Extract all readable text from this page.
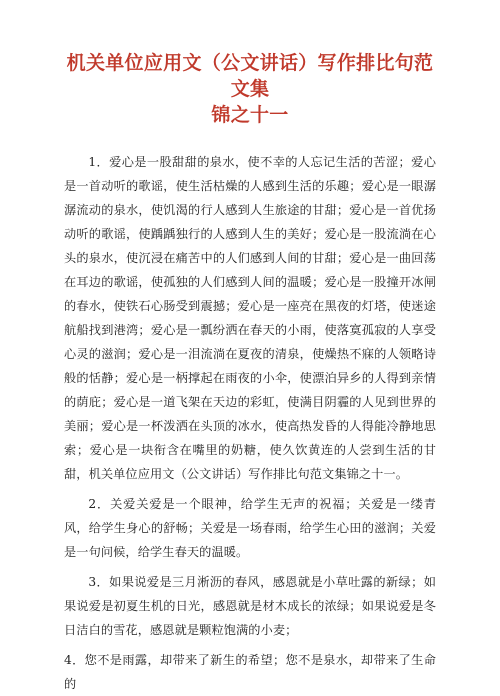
机关单位应用文（公文讲话）写作排比句范文集
锦之十一

1．爱心是一股甜甜的泉水，使不幸的人忘记生活的苦涩；爱心是一首动听的歌谣，使生活枯燥的人感到生活的乐趣；爱心是一眼潺潺流动的泉水，使饥渴的行人感到人生旅途的甘甜；爱心是一首优扬动听的歌谣，使踽踽独行的人感到人生的美好；爱心是一股流淌在心头的泉水，使沉浸在痛苦中的人们感到人间的甘甜；爱心是一曲回荡在耳边的歌谣，使孤独的人们感到人间的温暖；爱心是一股撞开冰闸的春水，使铁石心肠受到震撼；爱心是一座亮在黑夜的灯塔，使迷途航船找到港湾；爱心是一瓢纷洒在春天的小雨，使落寞孤寂的人享受心灵的滋润；爱心是一泪流淌在夏夜的清泉，使燥热不寐的人领略诗般的恬静；爱心是一柄撑起在雨夜的小伞，使漂泊异乡的人得到亲情的荫庇；爱心是一道飞架在天边的彩虹，使满目阴霾的人见到世界的美丽；爱心是一杯泼洒在头顶的冰水，使高热发昏的人得能冷静地思索；爱心是一块衔含在嘴里的奶糖，使久饮黄连的人尝到生活的甘甜，机关单位应用文（公文讲话）写作排比句范文集锦之十一。

2．关爱关爱是一个眼神，给学生无声的祝福；关爱是一缕青风，给学生身心的舒畅；关爱是一场春雨，给学生心田的滋润；关爱是一句问候，给学生春天的温暖。

3．如果说爱是三月淅沥的春风，感恩就是小草吐露的新绿；如果说爱是初夏生机的日光，感恩就是材木成长的浓绿；如果说爱是冬日洁白的雪花，感恩就是颗粒饱满的小麦；

4．您不是雨露，却带来了新生的希望；您不是泉水，却带来了生命的
